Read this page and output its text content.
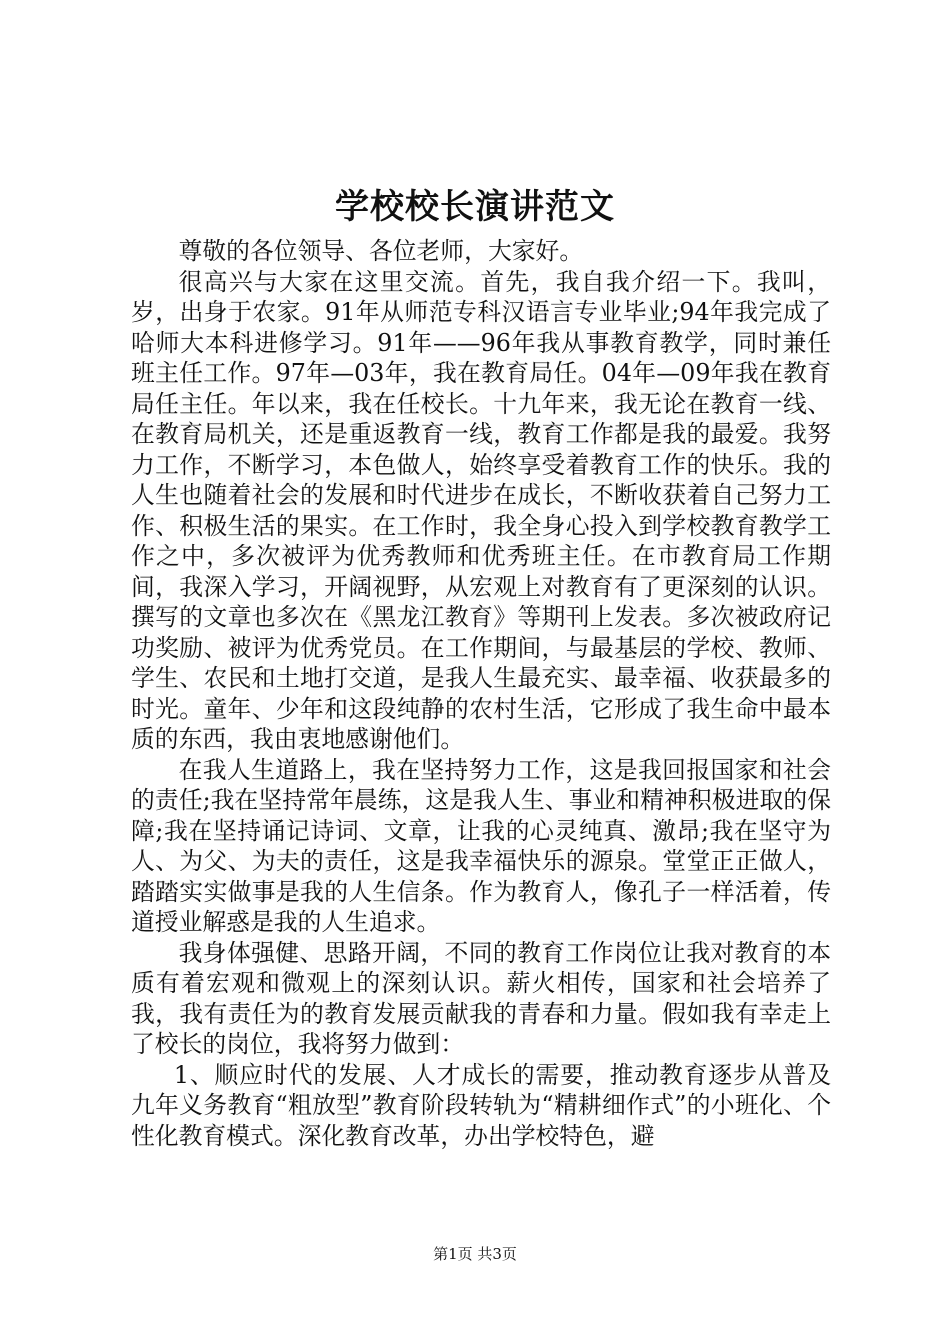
学校校长演讲范文

尊敬的各位领导、各位老师，大家好。

很高兴与大家在这里交流。首先，我自我介绍一下。我叫，岁，出身于农家。91年从师范专科汉语言专业毕业;94年我完成了哈师大本科进修学习。91年——96年我从事教育教学，同时兼任班主任工作。97年—03年，我在教育局任。04年—09年我在教育局任主任。年以来，我在任校长。十九年来，我无论在教育一线、在教育局机关，还是重返教育一线，教育工作都是我的最爱。我努力工作，不断学习，本色做人，始终享受着教育工作的快乐。我的人生也随着社会的发展和时代进步在成长，不断收获着自己努力工作、积极生活的果实。在工作时，我全身心投入到学校教育教学工作之中，多次被评为优秀教师和优秀班主任。在市教育局工作期间，我深入学习，开阔视野，从宏观上对教育有了更深刻的认识。撰写的文章也多次在《黑龙江教育》等期刊上发表。多次被政府记功奖励、被评为优秀党员。在工作期间，与最基层的学校、教师、学生、农民和土地打交道，是我人生最充实、最幸福、收获最多的时光。童年、少年和这段纯静的农村生活，它形成了我生命中最本质的东西，我由衷地感谢他们。

在我人生道路上，我在坚持努力工作，这是我回报国家和社会的责任;我在坚持常年晨练，这是我人生、事业和精神积极进取的保障;我在坚持诵记诗词、文章，让我的心灵纯真、激昂;我在坚守为人、为父、为夫的责任，这是我幸福快乐的源泉。堂堂正正做人，踏踏实实做事是我的人生信条。作为教育人，像孔子一样活着，传道授业解惑是我的人生追求。

我身体强健、思路开阔，不同的教育工作岗位让我对教育的本质有着宏观和微观上的深刻认识。薪火相传，国家和社会培养了我，我有责任为的教育发展贡献我的青春和力量。假如我有幸走上了校长的岗位，我将努力做到：

1、顺应时代的发展、人才成长的需要，推动教育逐步从普及九年义务教育“粗放型”教育阶段转轨为“精耕细作式”的小班化、个性化教育模式。深化教育改革，办出学校特色，避

第1页 共3页
